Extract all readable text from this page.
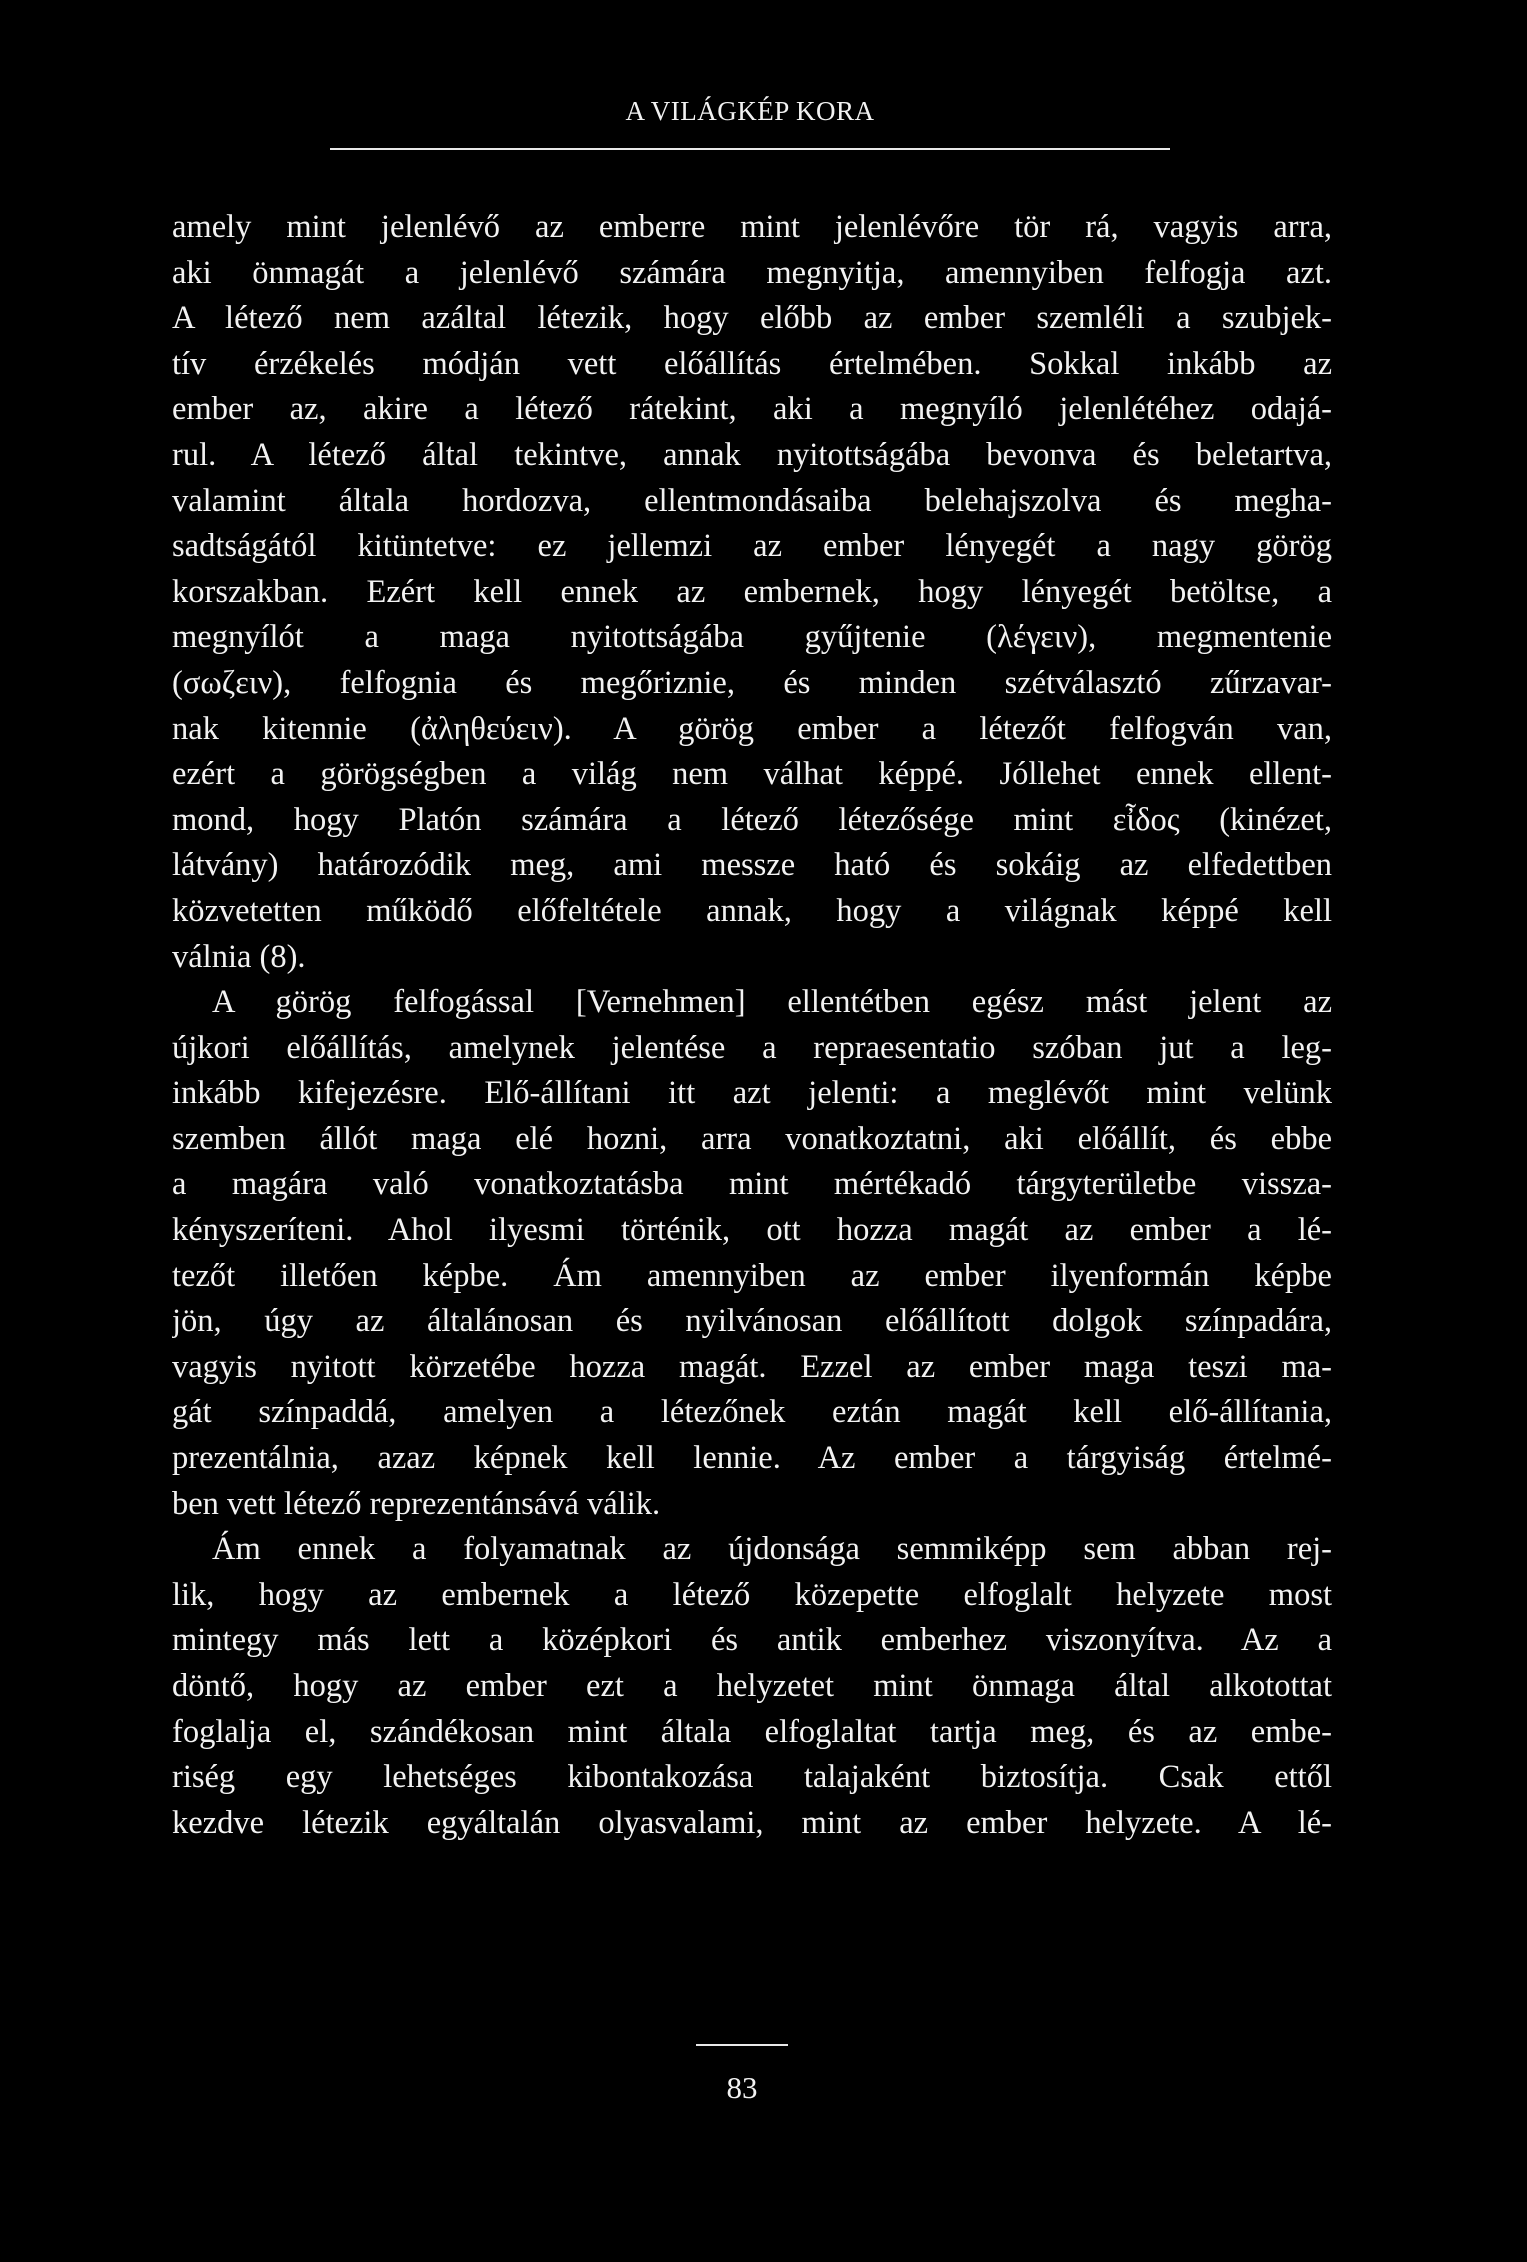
A VILÁGKÉP KORA
amely mint jelenlévő az emberre mint jelenlévőre tör rá, vagyis arra,
aki önmagát a jelenlévő számára megnyitja, amennyiben felfogja azt.
A létező nem azáltal létezik, hogy előbb az ember szemléli a szubjek-
tív érzékelés módján vett előállítás értelmében. Sokkal inkább az
ember az, akire a létező rátekint, aki a megnyíló jelenlétéhez odajá-
rul. A létező által tekintve, annak nyitottságába bevonva és beletartva,
valamint általa hordozva, ellentmondásaiba belehajszolva és megha-
sadtságától kitüntetve: ez jellemzi az ember lényegét a nagy görög
korszakban. Ezért kell ennek az embernek, hogy lényegét betöltse, a
megnyílót a maga nyitottságába gyűjtenie (λέγειν), megmentenie
(σωζειν), felfognia és megőriznie, és minden szétválasztó zűrzavar-
nak kitennie (ἀληθεύειν). A görög ember a létezőt felfogván van,
ezért a görögségben a világ nem válhat képpé. Jóllehet ennek ellent-
mond, hogy Platón számára a létező létezősége mint εἶδος (kinézet,
látvány) határozódik meg, ami messze ható és sokáig az elfedettben
közvetetten működő előfeltétele annak, hogy a világnak képpé kell
válnia (8).
A görög felfogással [Vernehmen] ellentétben egész mást jelent az
újkori előállítás, amelynek jelentése a repraesentatio szóban jut a leg-
inkább kifejezésre. Elő-állítani itt azt jelenti: a meglévőt mint velünk
szemben állót maga elé hozni, arra vonatkoztatni, aki előállít, és ebbe
a magára való vonatkoztatásba mint mértékadó tárgyterületbe vissza-
kényszeríteni. Ahol ilyesmi történik, ott hozza magát az ember a lé-
tezőt illetően képbe. Ám amennyiben az ember ilyenformán képbe
jön, úgy az általánosan és nyilvánosan előállított dolgok színpadára,
vagyis nyitott körzetébe hozza magát. Ezzel az ember maga teszi ma-
gát színpaddá, amelyen a létezőnek eztán magát kell elő-állítania,
prezentálnia, azaz képnek kell lennie. Az ember a tárgyiság értelmé-
ben vett létező reprezentánsává válik.
Ám ennek a folyamatnak az újdonsága semmiképp sem abban rej-
lik, hogy az embernek a létező közepette elfoglalt helyzete most
mintegy más lett a középkori és antik emberhez viszonyítva. Az a
döntő, hogy az ember ezt a helyzetet mint önmaga által alkotottat
foglalja el, szándékosan mint általa elfoglaltat tartja meg, és az embe-
riség egy lehetséges kibontakozása talajaként biztosítja. Csak ettől
kezdve létezik egyáltalán olyasvalami, mint az ember helyzete. A lé-
83
